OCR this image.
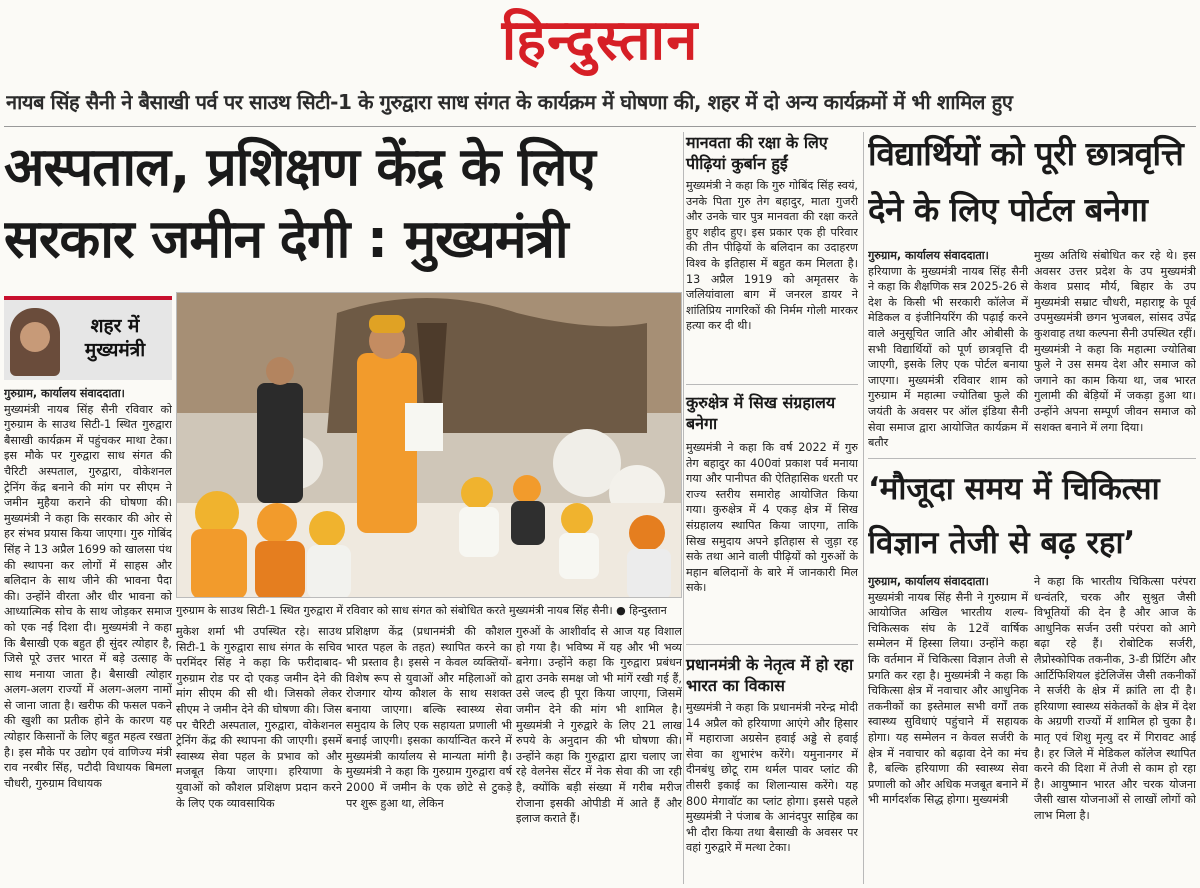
हिन्दुस्तान
नायब सिंह सैनी ने बैसाखी पर्व पर साउथ सिटी-1 के गुरुद्वारा साध संगत के कार्यक्रम में घोषणा की, शहर में दो अन्य कार्यक्रमों में भी शामिल हुए
अस्पताल, प्रशिक्षण केंद्र के लिए
सरकार जमीन देगी : मुख्यमंत्री
शहर में मुख्यमंत्री

गुरुग्राम, कार्यालय संवाददाता।

मुख्यमंत्री नायब सिंह सैनी रविवार को गुरुग्राम के साउथ सिटी-1 स्थित गुरुद्वारा बैसाखी कार्यक्रम में पहुंचकर माथा टेका। इस मौके पर गुरुद्वारा साध संगत की चैरिटी अस्पताल, गुरुद्वारा, वोकेशनल ट्रेनिंग केंद्र बनाने की मांग पर सीएम ने जमीन मुहैया कराने की घोषणा की। मुख्यमंत्री ने कहा कि सरकार की ओर से हर संभव प्रयास किया जाएगा। गुरु गोबिंद सिंह ने 13 अप्रैल 1699 को खालसा पंथ की स्थापना कर लोगों में साहस और बलिदान के साथ जीने की भावना पैदा की। उन्होंने वीरता और धीर भावना को आध्यात्मिक सोच के साथ जोड़कर समाज को एक नई दिशा दी। मुख्यमंत्री ने कहा कि बैसाखी एक बहुत ही सुंदर त्योहार है, जिसे पूरे उत्तर भारत में बड़े उत्साह के साथ मनाया जाता है। बैसाखी त्योहार अलग-अलग राज्यों में अलग-अलग नामों से जाना जाता है। खरीफ की फसल पकने की खुशी का प्रतीक होने के कारण यह त्योहार किसानों के लिए बहुत महत्व रखता है। इस मौके पर उद्योग एवं वाणिज्य मंत्री राव नरबीर सिंह, पटौदी विधायक बिमला चौधरी, गुरुग्राम विधायक

गुरुग्राम के साउथ सिटी-1 स्थित गुरुद्वारा में रविवार को साध संगत को संबोधित करते मुख्यमंत्री नायब सिंह सैनी। ● हिन्दुस्तान

मुकेश शर्मा भी उपस्थित रहे। साउथ सिटी-1 के गुरुद्वारा साध संगत के सचिव परमिंदर सिंह ने कहा कि फरीदाबाद-गुरुग्राम रोड पर दो एकड़ जमीन देने की मांग सीएम की सी थी। जिसको लेकर सीएम ने जमीन देने की घोषणा की। जिस पर चैरिटी अस्पताल, गुरुद्वारा, वोकेशनल ट्रेनिंग केंद्र की स्थापना की जाएगी। इसमें स्वास्थ्य सेवा पहल के प्रभाव को और मजबूत किया जाएगा। हरियाणा के युवाओं को कौशल प्रशिक्षण प्रदान करने के लिए एक व्यावसायिक

प्रशिक्षण केंद्र (प्रधानमंत्री की कौशल भारत पहल के तहत) स्थापित करने का भी प्रस्ताव है। इससे न केवल व्यक्तियों-विशेष रूप से युवाओं और महिलाओं को रोजगार योग्य कौशल के साथ सशक्त बनाया जाएगा। बल्कि स्वास्थ्य सेवा समुदाय के लिए एक सहायता प्रणाली भी बनाई जाएगी। इसका कार्यान्वित करने में मुख्यमंत्री कार्यालय से मान्यता मांगी है। मुख्यमंत्री ने कहा कि गुरुग्राम गुरुद्वारा वर्ष 2000 में जमीन के एक छोटे से टुकड़े पर शुरू हुआ था, लेकिन

गुरुओं के आशीर्वाद से आज यह विशाल हो गया है। भविष्य में यह और भी भव्य बनेगा। उन्होंने कहा कि गुरुद्वारा प्रबंधन द्वारा उनके समक्ष जो भी मांगें रखी गई हैं, उसे जल्द ही पूरा किया जाएगा, जिसमें जमीन देने की मांग भी शामिल है। मुख्यमंत्री ने गुरुद्वारे के लिए 21 लाख रुपये के अनुदान की भी घोषणा की। उन्होंने कहा कि गुरुद्वारा द्वारा चलाए जा रहे वेलनेस सेंटर में नेक सेवा की जा रही है, क्योंकि बड़ी संख्या में गरीब मरीज रोजाना इसकी ओपीडी में आते हैं और इलाज कराते हैं।

मानवता की रक्षा के लिए पीढ़ियां कुर्बान हुईं

मुख्यमंत्री ने कहा कि गुरु गोबिंद सिंह स्वयं, उनके पिता गुरु तेग बहादुर, माता गुजरी और उनके चार पुत्र मानवता की रक्षा करते हुए शहीद हुए। इस प्रकार एक ही परिवार की तीन पीढ़ियों के बलिदान का उदाहरण विश्व के इतिहास में बहुत कम मिलता है। 13 अप्रैल 1919 को अमृतसर के जलियांवाला बाग में जनरल डायर ने शांतिप्रिय नागरिकों की निर्मम गोली मारकर हत्या कर दी थी।

कुरुक्षेत्र में सिख संग्रहालय बनेगा

मुख्यमंत्री ने कहा कि वर्ष 2022 में गुरु तेग बहादुर का 400वां प्रकाश पर्व मनाया गया और पानीपत की ऐतिहासिक धरती पर राज्य स्तरीय समारोह आयोजित किया गया। कुरुक्षेत्र में 4 एकड़ क्षेत्र में सिख संग्रहालय स्थापित किया जाएगा, ताकि सिख समुदाय अपने इतिहास से जुड़ा रह सके तथा आने वाली पीढ़ियों को गुरुओं के महान बलिदानों के बारे में जानकारी मिल सके।

प्रधानमंत्री के नेतृत्व में हो रहा भारत का विकास

मुख्यमंत्री ने कहा कि प्रधानमंत्री नरेन्द्र मोदी 14 अप्रैल को हरियाणा आएंगे और हिसार में महाराजा अग्रसेन हवाई अड्डे से हवाई सेवा का शुभारंभ करेंगे। यमुनानगर में दीनबंधु छोटू राम थर्मल पावर प्लांट की तीसरी इकाई का शिलान्यास करेंगे। यह 800 मेगावॉट का प्लांट होगा। इससे पहले मुख्यमंत्री ने पंजाब के आनंदपुर साहिब का भी दौरा किया तथा बैसाखी के अवसर पर वहां गुरुद्वारे में मत्था टेका।

विद्यार्थियों को पूरी छात्रवृत्ति
देने के लिए पोर्टल बनेगा

गुरुग्राम, कार्यालय संवाददाता।

हरियाणा के मुख्यमंत्री नायब सिंह सैनी ने कहा कि शैक्षणिक सत्र 2025-26 से देश के किसी भी सरकारी कॉलेज में मेडिकल व इंजीनियरिंग की पढ़ाई करने वाले अनुसूचित जाति और ओबीसी के सभी विद्यार्थियों को पूर्ण छात्रवृत्ति दी जाएगी, इसके लिए एक पोर्टल बनाया जाएगा। मुख्यमंत्री रविवार शाम को गुरुग्राम में महात्मा ज्योतिबा फुले की जयंती के अवसर पर ऑल इंडिया सैनी सेवा समाज द्वारा आयोजित कार्यक्रम में बतौर

मुख्य अतिथि संबोधित कर रहे थे। इस अवसर उत्तर प्रदेश के उप मुख्यमंत्री केशव प्रसाद मौर्य, बिहार के उप मुख्यमंत्री सम्राट चौधरी, महाराष्ट्र के पूर्व उपमुख्यमंत्री छगन भुजबल, सांसद उपेंद्र कुशवाह तथा कल्पना सैनी उपस्थित रहीं। मुख्यमंत्री ने कहा कि महात्मा ज्योतिबा फुले ने उस समय देश और समाज को जगाने का काम किया था, जब भारत गुलामी की बेड़ियों में जकड़ा हुआ था। उन्होंने अपना सम्पूर्ण जीवन समाज को सशक्त बनाने में लगा दिया।

‘मौजूदा समय में चिकित्सा
विज्ञान तेजी से बढ़ रहा’

गुरुग्राम, कार्यालय संवाददाता।

मुख्यमंत्री नायब सिंह सैनी ने गुरुग्राम में आयोजित अखिल भारतीय शल्य-चिकित्सक संघ के 12वें वार्षिक सम्मेलन में हिस्सा लिया। उन्होंने कहा कि वर्तमान में चिकित्सा विज्ञान तेजी से प्रगति कर रहा है। मुख्यमंत्री ने कहा कि चिकित्सा क्षेत्र में नवाचार और आधुनिक तकनीकों का इस्तेमाल सभी वर्गों तक स्वास्थ्य सुविधाएं पहुंचाने में सहायक होगा। यह सम्मेलन न केवल सर्जरी के क्षेत्र में नवाचार को बढ़ावा देने का मंच है, बल्कि हरियाणा की स्वास्थ्य सेवा प्रणाली को और अधिक मजबूत बनाने में भी मार्गदर्शक सिद्ध होगा। मुख्यमंत्री

ने कहा कि भारतीय चिकित्सा परंपरा धन्वंतरि, चरक और सुश्रुत जैसी विभूतियों की देन है और आज के आधुनिक सर्जन उसी परंपरा को आगे बढ़ा रहे हैं। रोबोटिक सर्जरी, लैप्रोस्कोपिक तकनीक, 3-डी प्रिंटिंग और आर्टिफिशियल इंटेलिजेंस जैसी तकनीकों ने सर्जरी के क्षेत्र में क्रांति ला दी है। हरियाणा स्वास्थ्य संकेतकों के क्षेत्र में देश के अग्रणी राज्यों में शामिल हो चुका है। मातृ एवं शिशु मृत्यु दर में गिरावट आई है। हर जिले में मेडिकल कॉलेज स्थापित करने की दिशा में तेजी से काम हो रहा है। आयुष्मान भारत और चरक योजना जैसी खास योजनाओं से लाखों लोगों को लाभ मिला है।
